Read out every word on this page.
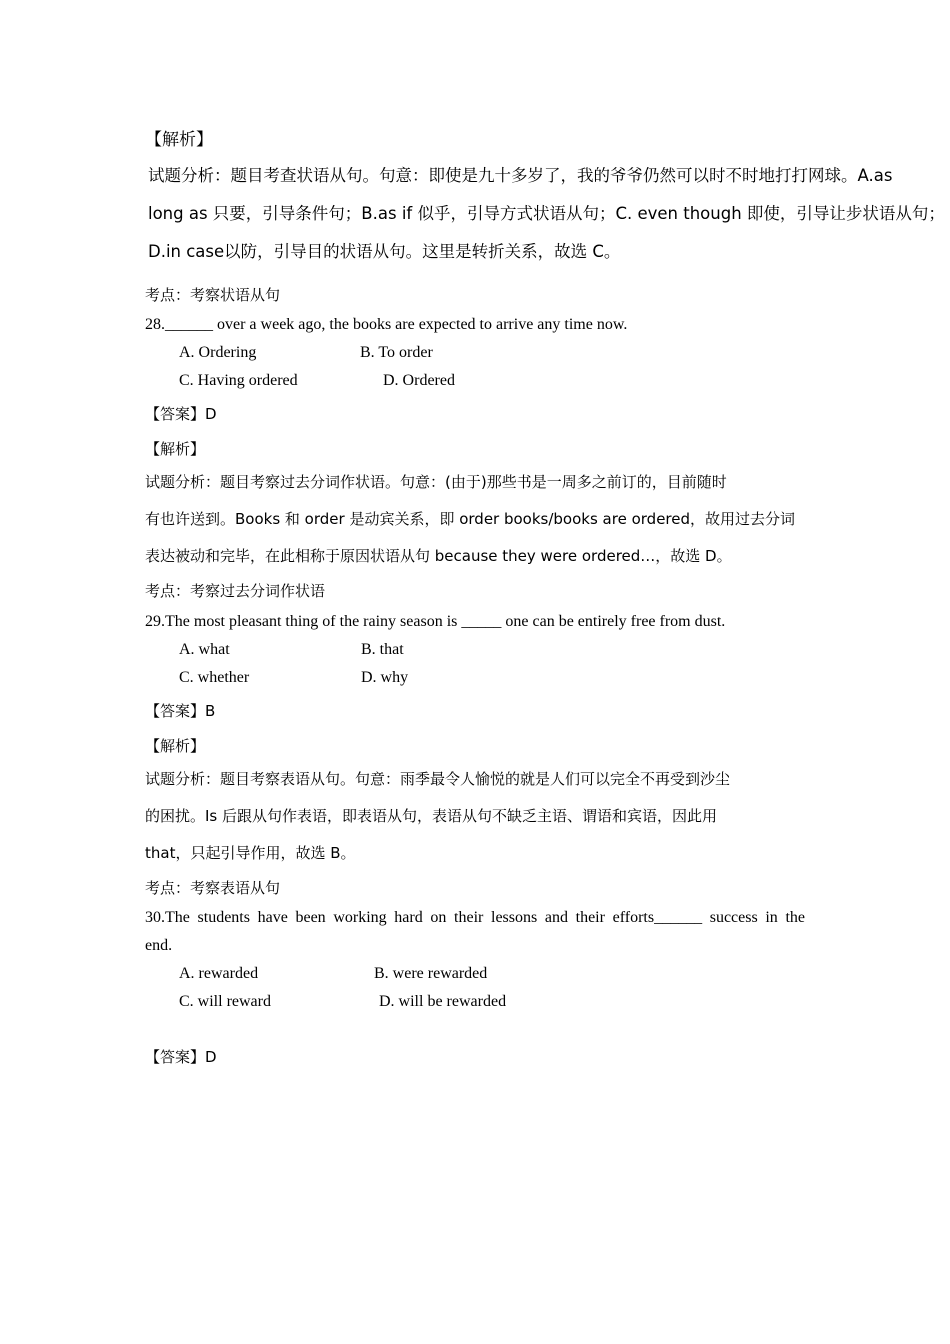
【解析】
试题分析：题目考查状语从句。句意：即使是九十多岁了，我的爷爷仍然可以时不时地打打网球。A.as
long as 只要，引导条件句；B.as if 似乎，引导方式状语从句；C. even though 即使，引导让步状语从句；
D.in case以防，引导目的状语从句。这里是转折关系，故选 C。
考点：考察状语从句
28.______ over a week ago, the books are expected to arrive any time now.
A. Ordering	B. To order
C. Having ordered	D. Ordered
【答案】D
【解析】
试题分析：题目考察过去分词作状语。句意：(由于)那些书是一周多之前订的，目前随时
有也许送到。Books 和 order 是动宾关系，即 order books/books are ordered，故用过去分词
表达被动和完毕，在此相称于原因状语从句 because they were ordered…，故选 D。
考点：考察过去分词作状语
29.The most pleasant thing of the rainy season is _____ one can be entirely free from dust.
A. what	B. that
C. whether	D. why
【答案】B
【解析】
试题分析：题目考察表语从句。句意：雨季最令人愉悦的就是人们可以完全不再受到沙尘
的困扰。Is 后跟从句作表语，即表语从句，表语从句不缺乏主语、谓语和宾语，因此用
that，只起引导作用，故选 B。
考点：考察表语从句
30.The students have been working hard on their lessons and their efforts______ success in the
end.
A. rewarded	B. were rewarded
C. will reward	D. will be rewarded
【答案】D
